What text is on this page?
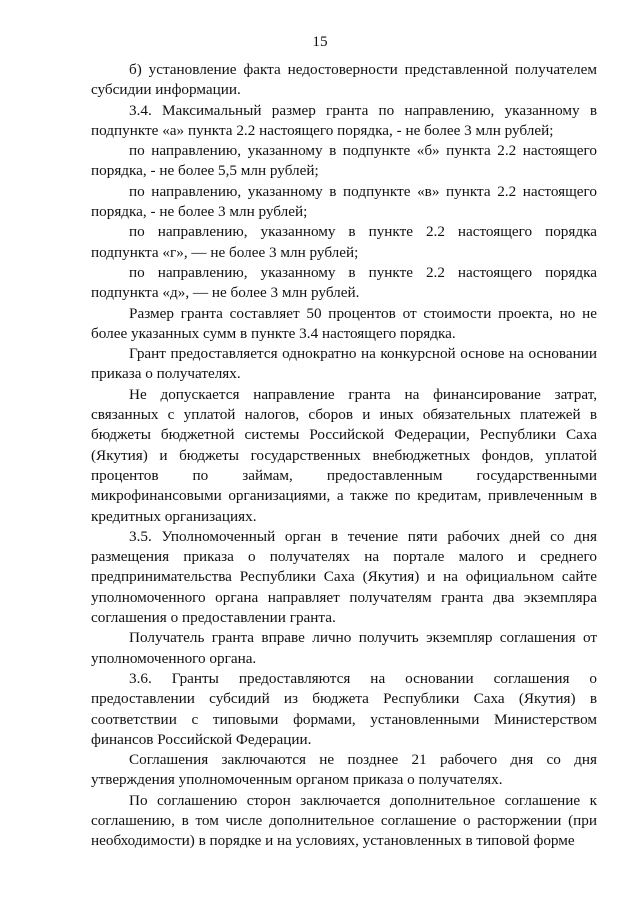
15

б) установление факта недостоверности представленной получателем субсидии информации.

3.4. Максимальный размер гранта по направлению, указанному в подпункте «а» пункта 2.2 настоящего порядка, - не более 3 млн рублей;

по направлению, указанному в подпункте «б» пункта 2.2 настоящего порядка, - не более 5,5 млн рублей;

по направлению, указанному в подпункте «в» пункта 2.2 настоящего порядка, - не более 3 млн рублей;

по направлению, указанному в пункте 2.2 настоящего порядка подпункта «г», — не более 3 млн рублей;

по направлению, указанному в пункте 2.2 настоящего порядка подпункта «д», — не более 3 млн рублей.

Размер гранта составляет 50 процентов от стоимости проекта, но не более указанных сумм в пункте 3.4 настоящего порядка.

Грант предоставляется однократно на конкурсной основе на основании приказа о получателях.

Не допускается направление гранта на финансирование затрат, связанных с уплатой налогов, сборов и иных обязательных платежей в бюджеты бюджетной системы Российской Федерации, Республики Саха (Якутия) и бюджеты государственных внебюджетных фондов, уплатой процентов по займам, предоставленным государственными микрофинансовыми организациями, а также по кредитам, привлеченным в кредитных организациях.

3.5. Уполномоченный орган в течение пяти рабочих дней со дня размещения приказа о получателях на портале малого и среднего предпринимательства Республики Саха (Якутия) и на официальном сайте уполномоченного органа направляет получателям гранта два экземпляра соглашения о предоставлении гранта.

Получатель гранта вправе лично получить экземпляр соглашения от уполномоченного органа.

3.6. Гранты предоставляются на основании соглашения о предоставлении субсидий из бюджета Республики Саха (Якутия) в соответствии с типовыми формами, установленными Министерством финансов Российской Федерации.

Соглашения заключаются не позднее 21 рабочего дня со дня утверждения уполномоченным органом приказа о получателях.

По соглашению сторон заключается дополнительное соглашение к соглашению, в том числе дополнительное соглашение о расторжении (при необходимости) в порядке и на условиях, установленных в типовой форме
